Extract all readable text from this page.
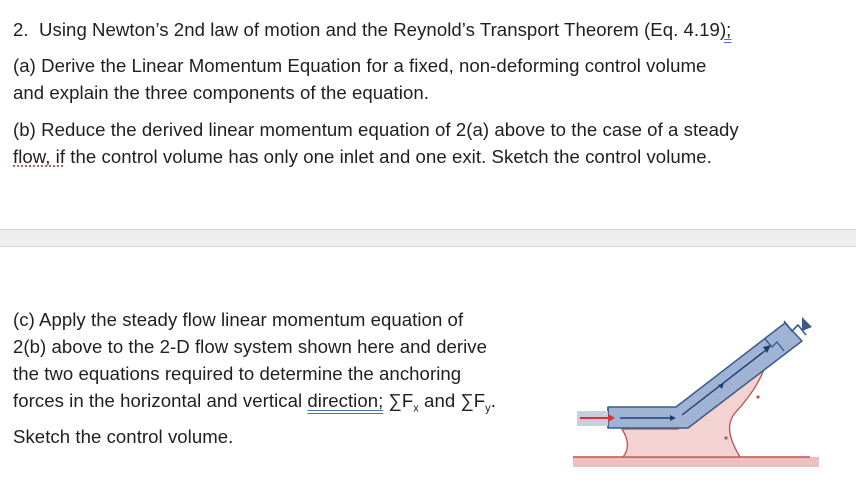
2. Using Newton’s 2nd law of motion and the Reynold’s Transport Theorem (Eq. 4.19);
(a) Derive the Linear Momentum Equation for a fixed, non-deforming control volume
and explain the three components of the equation.
(b) Reduce the derived linear momentum equation of 2(a) above to the case of a steady
flow, if the control volume has only one inlet and one exit. Sketch the control volume.
(c) Apply the steady flow linear momentum equation of
2(b) above to the 2-D flow system shown here and derive
the two equations required to determine the anchoring
forces in the horizontal and vertical direction; $\sum F_x$ and $\sum F_y$.
Sketch the control volume.
